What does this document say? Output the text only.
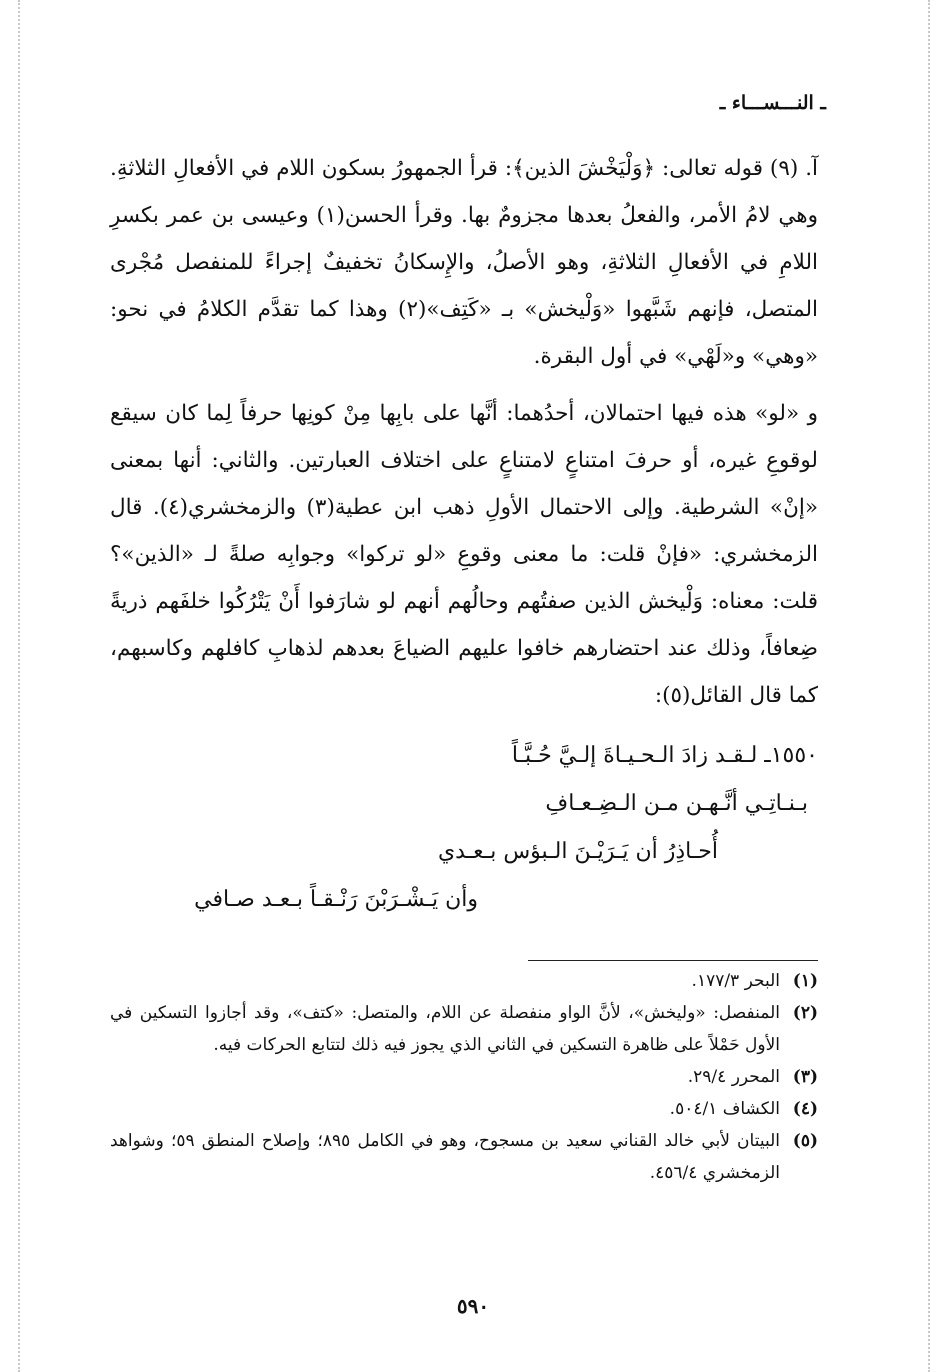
ـ النـــســـاء ـ

آ. (٩) قوله تعالى: ﴿وَلْيَخْشَ الذين﴾: قرأ الجمهورُ بسكون اللام في الأفعالِ الثلاثةِ. وهي لامُ الأمر، والفعلُ بعدها مجزومٌ بها. وقرأ الحسن(١) وعيسى بن عمر بكسرِ اللامِ في الأفعالِ الثلاثةِ، وهو الأصلُ، والإِسكانُ تخفيفٌ إجراءً للمنفصل مُجْرى المتصل، فإنهم شَبَّهوا «وَلْيخش» بـ «كَتِف»(٢) وهذا كما تقدَّم الكلامُ في نحو: «وهي» و«لَهْي» في أول البقرة.

و «لو» هذه فيها احتمالان، أحدُهما: أنَّها على بابِها مِنْ كونِها حرفاً لِما كان سيقع لوقوعِ غيره، أو حرفَ امتناعٍ لامتناعٍ على اختلاف العبارتين. والثاني: أنها بمعنى «إنْ» الشرطية. وإلى الاحتمال الأولِ ذهب ابن عطية(٣) والزمخشري(٤). قال الزمخشري: «فإنْ قلت: ما معنى وقوعِ «لو تركوا» وجوابِه صلةً لـ «الذين»؟ قلت: معناه: وَلْيخش الذين صفتُهم وحالُهم أنهم لو شارَفوا أَنْ يَتْرُكُوا خلفَهم ذريةً ضِعافاً، وذلك عند احتضارهم خافوا عليهم الضياعَ بعدهم لذهابِ كافلهم وكاسبهم، كما قال القائل(٥):

١٥٥٠ـ لـقـد زادَ الـحـيـاةَ إلـيَّ حُـبَّـاً
بـنـاتِـي أنَّـهـن مـن الـضِـعـافِ
أُحـاذِرُ أن يَـرَيْـنَ الـبؤس بـعـدي
وأن يَـشْـرَبْنَ رَنْـقـاً بـعـد صـافي
(١)
البحر ١٧٧/٣.
(٢)
المنفصل: «وليخش»، لأنَّ الواو منفصلة عن اللام، والمتصل: «كتف»، وقد أجازوا التسكين في الأول حَمْلاً على ظاهرة التسكين في الثاني الذي يجوز فيه ذلك لتتابع الحركات فيه.
(٣)
المحرر ٢٩/٤.
(٤)
الكشاف ٥٠٤/١.
(٥)
البيتان لأبي خالد القناني سعيد بن مسجوح، وهو في الكامل ٨٩٥؛ وإصلاح المنطق ٥٩؛ وشواهد الزمخشري ٤٥٦/٤.
٥٩٠
